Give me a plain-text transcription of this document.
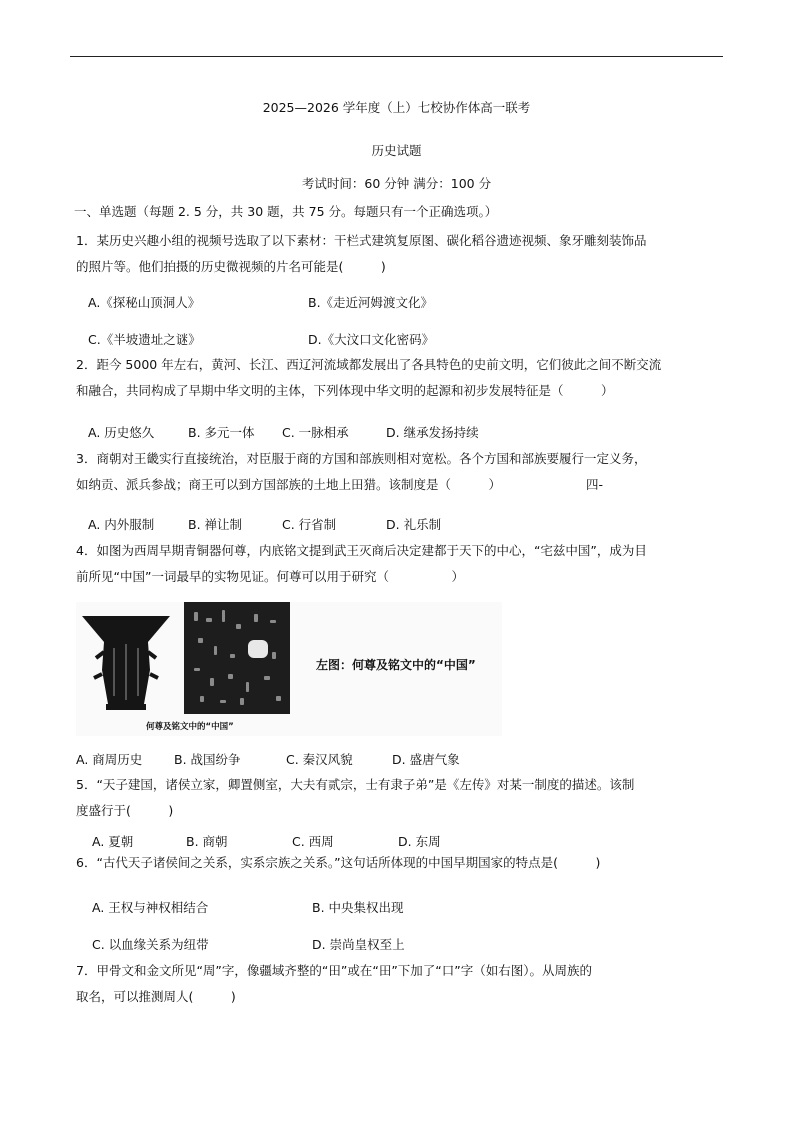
2025—2026 学年度（上）七校协作体高一联考
历史试题
考试时间：60 分钟 满分：100 分
一、单选题（每题 2. 5 分，共 30 题，共 75 分。每题只有一个正确选项。）
1．某历史兴趣小组的视频号选取了以下素材：干栏式建筑复原图、碳化稻谷遗迹视频、象牙雕刻装饰品
的照片等。他们拍摄的历史微视频的片名可能是(　　　)
A.《探秘山顶洞人》	B.《走近河姆渡文化》
C.《半坡遗址之谜》	D.《大汶口文化密码》
2．距今 5000 年左右，黄河、长江、西辽河流域都发展出了各具特色的史前文明，它们彼此之间不断交流
和融合，共同构成了早期中华文明的主体，下列体现中华文明的起源和初步发展特征是（　　　）
A. 历史悠久	B. 多元一体 C. 一脉相承	D. 继承发扬持续
3．商朝对王畿实行直接统治，对臣服于商的方国和部族则相对宽松。各个方国和部族要履行一定义务，
如纳贡、派兵参战；商王可以到方国部族的土地上田猎。该制度是（　　　）	四-
A. 内外服制	B. 禅让制	C. 行省制	D. 礼乐制
4．如图为西周早期青铜器何尊，内底铭文提到武王灭商后决定建都于天下的中心，“宅兹中国”，成为目
前所见“中国”一词最早的实物见证。何尊可以用于研究（　　　　　）
何尊及铭文中的“中国”
左图：何尊及铭文中的“中国”
A. 商周历史	B. 战国纷争	C. 秦汉风貌	D. 盛唐气象
5．“天子建国，诸侯立家，卿置侧室，大夫有贰宗，士有隶子弟”是《左传》对某一制度的描述。该制
度盛行于(　　　)
A. 夏朝	B. 商朝	C. 西周	D. 东周
6．“古代天子诸侯间之关系，实系宗族之关系。”这句话所体现的中国早期国家的特点是(　　　)
A. 王权与神权相结合	B. 中央集权出现
C. 以血缘关系为纽带	D. 崇尚皇权至上
7．甲骨文和金文所见“周”字，像疆域齐整的“田”或在“田”下加了“口”字（如右图）。从周族的
取名，可以推测周人(　　　)
